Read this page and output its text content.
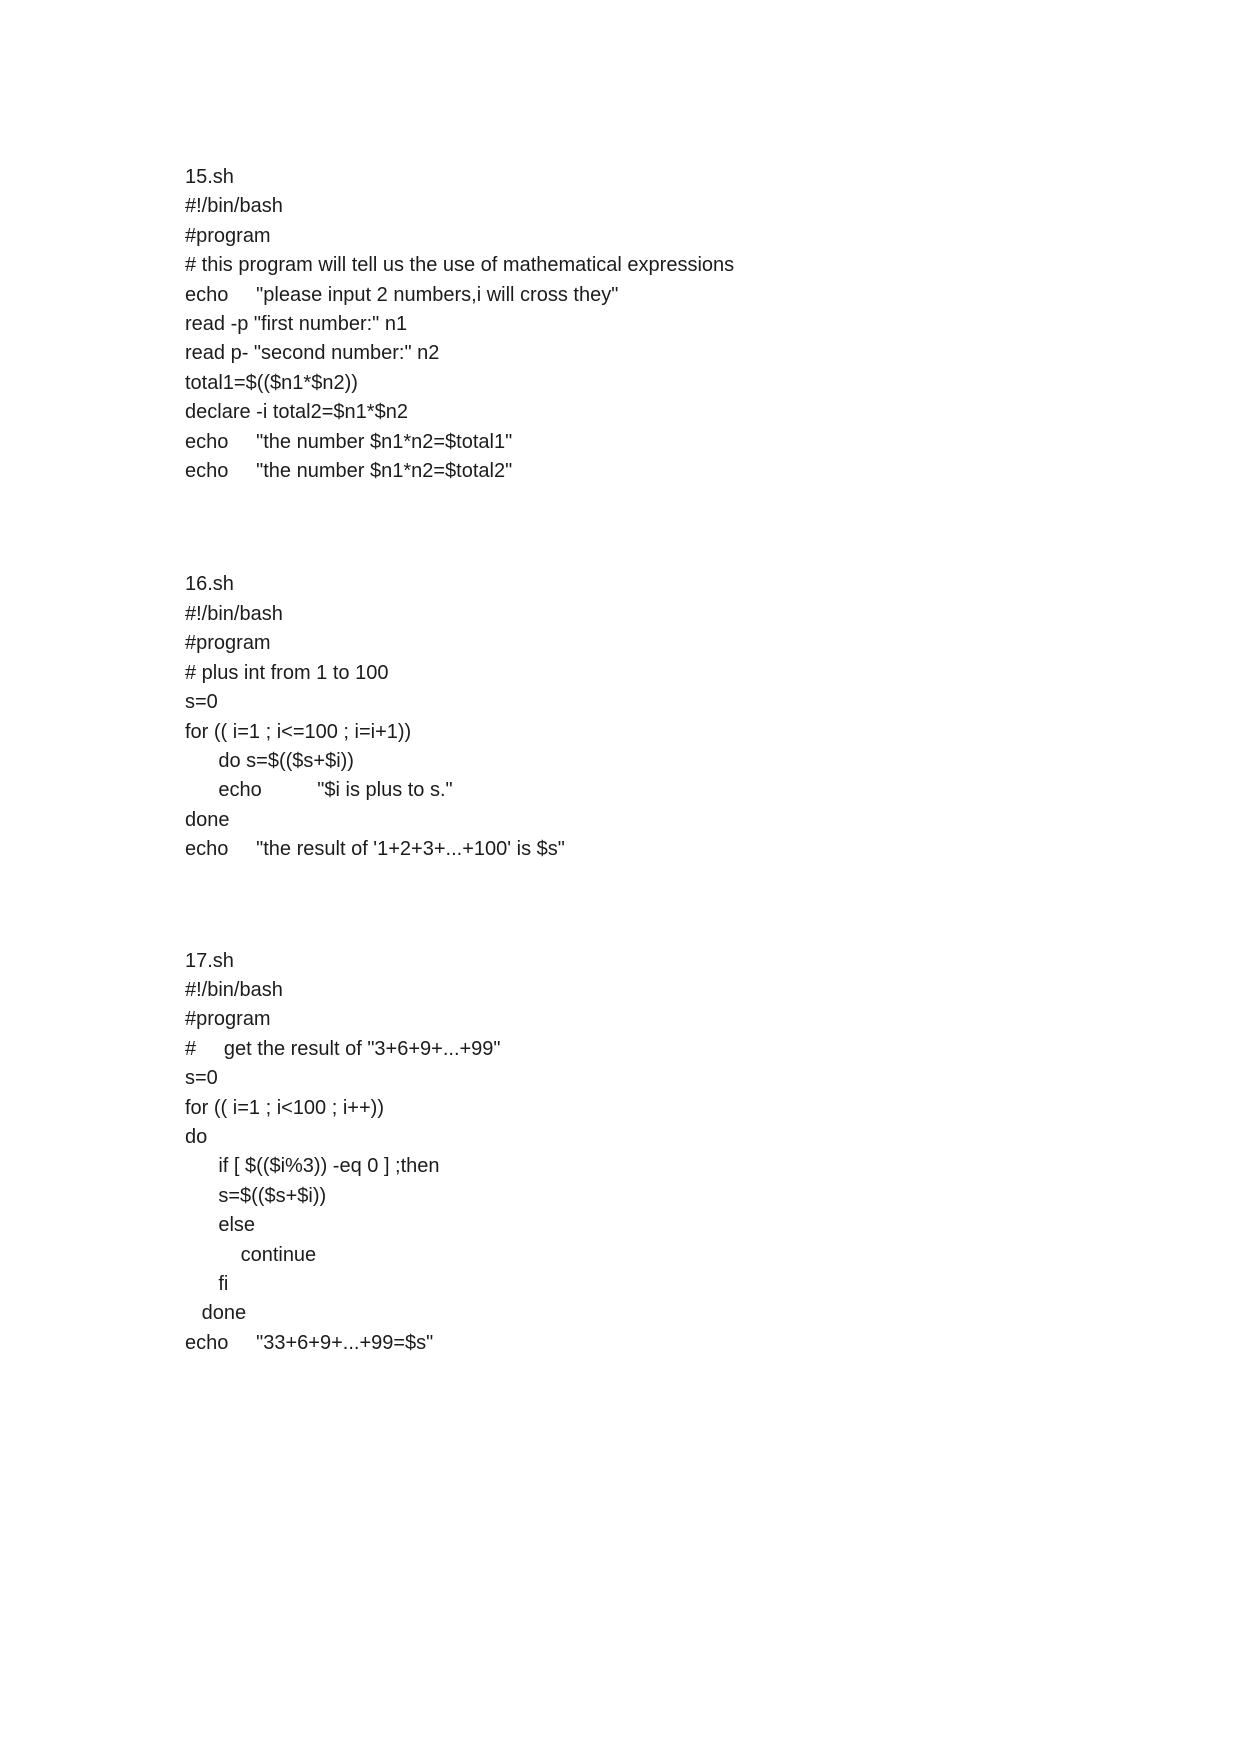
15.sh
#!/bin/bash
#program
# this program will tell us the use of mathematical expressions
echo     "please input 2 numbers,i will cross they"
read -p "first number:" n1
read p- "second number:" n2
total1=$(($n1*$n2))
declare -i total2=$n1*$n2
echo     "the number $n1*n2=$total1"
echo     "the number $n1*n2=$total2"
16.sh
#!/bin/bash
#program
# plus int from 1 to 100
s=0
for (( i=1 ; i<=100 ; i=i+1))
do s=$(($s+$i))
echo          "$i is plus to s."
done
echo     "the result of '1+2+3+...+100' is $s"
17.sh
#!/bin/bash
#program
#     get the result of "3+6+9+...+99"
s=0
for (( i=1 ; i<100 ; i++))
do
if [ $(($i%3)) -eq 0 ] ;then
s=$(($s+$i))
else
continue
fi
done
echo     "33+6+9+...+99=$s"
